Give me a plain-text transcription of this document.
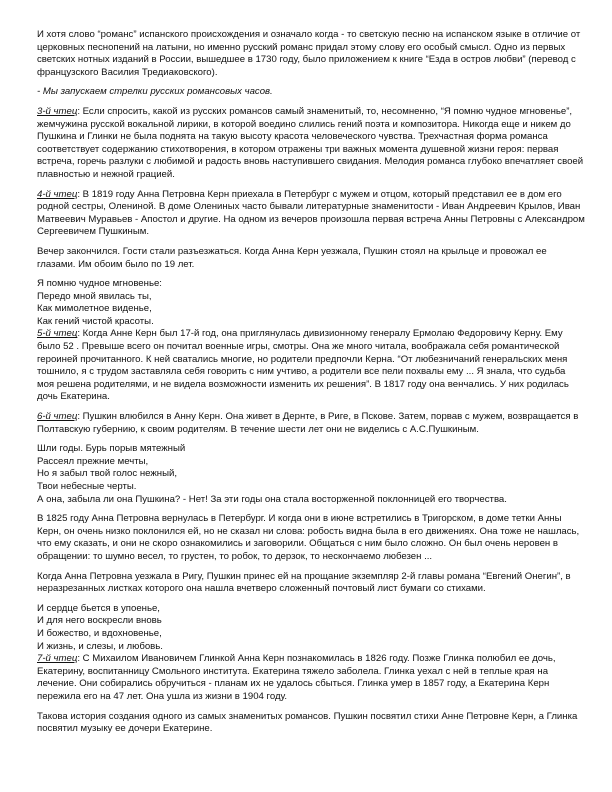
И хотя слово “романс” испанского происхождения и означало когда - то светскую песню на испанском языке в отличие от церковных песнопений на латыни, но именно русский романс придал этому слову его особый смысл. Одно из первых светских нотных изданий в России, вышедшее в 1730 году, было приложением к книге “Езда в остров любви” (перевод с французского Василия Тредиаковского).

- Мы запускаем стрелки русских романсовых часов.

3-й чтец: Если спросить, какой из русских романсов самый знаменитый, то, несомненно, “Я помню чудное мгновенье”, жемчужина русской вокальной лирики, в которой воедино слились гений поэта и композитора. Никогда еще и никем до Пушкина и Глинки не была поднята на такую высоту красота человеческого чувства. Трехчастная форма романса соответствует содержанию стихотворения, в котором отражены три важных момента душевной жизни героя: первая встреча, горечь разлуки с любимой и радость вновь наступившего свидания. Мелодия романса глубоко впечатляет своей плавностью и нежной грацией.

4-й чтец: В 1819 году Анна Петровна Керн приехала в Петербург с мужем и отцом, который представил ее в дом его родной сестры, Олениной. В доме Олениных часто бывали литературные знаменитости - Иван Андреевич Крылов, Иван Матвеевич Муравьев - Апостол и другие. На одном из вечеров произошла первая встреча Анны Петровны с Александром Сергеевичем Пушкиным.

Вечер закончился. Гости стали разъезжаться. Когда Анна Керн уезжала, Пушкин стоял на крыльце и провожал ее глазами. Им обоим было по 19 лет.

Я помню чудное мгновенье:
Передо мной явилась ты,
Как мимолетное виденье,
Как гений чистой красоты.

5-й чтец: Когда Анне Керн был 17-й год, она приглянулась дивизионному генералу Ермолаю Федоровичу Керну. Ему было 52 . Превыше всего он почитал военные игры, смотры. Она же много читала, воображала себя романтической героиней прочитанного. К ней сватались многие, но родители предпочли Керна. “От любезничаний генеральских меня тошнило, я с трудом заставляла себя говорить с ним учтиво, а родители все пели похвалы ему ... Я знала, что судьба моя решена родителями, и не видела возможности изменить их решения”. В 1817 году она венчались. У них родилась дочь Екатерина.

6-й чтец: Пушкин влюбился в Анну Керн. Она живет в Дернте, в Риге, в Пскове. Затем, порвав с мужем, возвращается в Полтавскую губернию, к своим родителям. В течение шести лет они не виделись с А.С.Пушкиным.

Шли годы. Бурь порыв мятежный
Рассеял прежние мечты,
Но я забыл твой голос нежный,
Твои небесные черты.

А она, забыла ли она Пушкина? - Нет! За эти годы она стала восторженной поклонницей его творчества.

В 1825 году Анна Петровна вернулась в Петербург. И когда они в июне встретились в Тригорском, в доме тетки Анны Керн, он очень низко поклонился ей, но не сказал ни слова: робость видна была в его движениях. Она тоже не нашлась, что ему сказать, и они не скоро ознакомились и заговорили. Общаться с ним было сложно. Он был очень неровен в обращении: то шумно весел, то грустен, то робок, то дерзок, то нескончаемо любезен ...

Когда Анна Петровна уезжала в Ригу, Пушкин принес ей на прощание экземпляр 2-й главы романа “Евгений Онегин”, в неразрезанных листках которого она нашла вчетверо сложенный почтовый лист бумаги со стихами.

И сердце бьется в упоенье,
И для него воскресли вновь
И божество, и вдохновенье,
И жизнь, и слезы, и любовь.

7-й чтец: С Михаилом Ивановичем Глинкой Анна Керн познакомилась в 1826 году. Позже Глинка полюбил ее дочь, Екатерину, воспитанницу Смольного института. Екатерина тяжело заболела. Глинка уехал с ней в теплые края на лечение. Они собирались обручиться - планам их не удалось сбыться. Глинка умер в 1857 году, а Екатерина Керн пережила его на 47 лет. Она ушла из жизни в 1904 году.

Такова история создания одного из самых знаменитых романсов. Пушкин посвятил стихи Анне Петровне Керн, а Глинка посвятил музыку ее дочери Екатерине.
